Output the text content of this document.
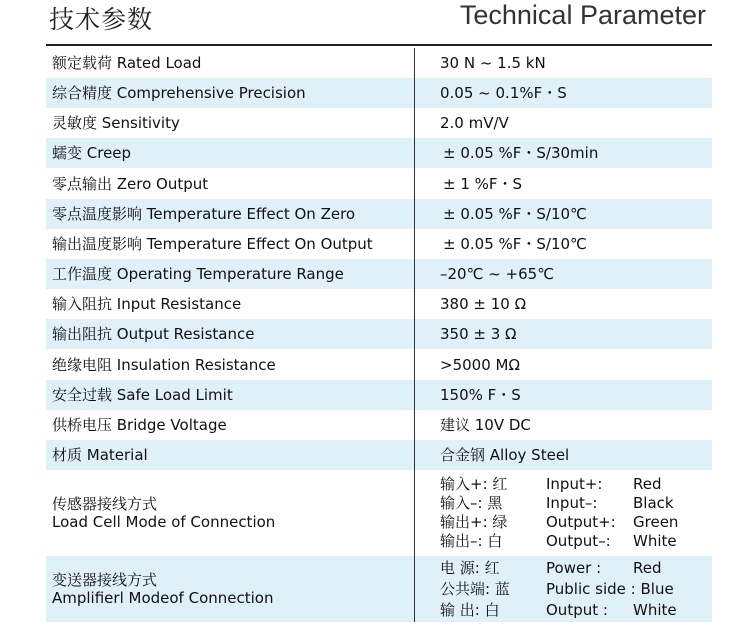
技术参数	Technical Parameter
额定载荷 Rated Load	30 N ~ 1.5 kN
综合精度 Comprehensive Precision	0.05 ~ 0.1%F・S
灵敏度 Sensitivity	2.0 mV/V
蠕变 Creep	± 0.05 %F・S/30min
零点输出 Zero Output	± 1 %F・S
零点温度影响 Temperature Effect On Zero	± 0.05 %F・S/10℃
输出温度影响 Temperature Effect On Output	± 0.05 %F・S/10℃
工作温度 Operating Temperature Range	–20℃ ~ +65℃
输入阻抗 Input Resistance	380 ± 10 Ω
输出阻抗 Output Resistance	350 ± 3 Ω
绝缘电阻 Insulation Resistance	>5000 MΩ
安全过载 Safe Load Limit	150% F・S
供桥电压 Bridge Voltage	建议 10V DC
材质 Material	合金钢 Alloy Steel
传感器接线方式
Load Cell Mode of Connection
输入+: 红	Input+:	Red
输入–: 黑	Input–:	Black
输出+: 绿	Output+:	Green
输出–: 白	Output–:	White
变送器接线方式
Amplifierl Modeof Connection
电 源: 红	Power :	Red
公共端: 蓝	Public side : Blue
输 出: 白	Output :	White
